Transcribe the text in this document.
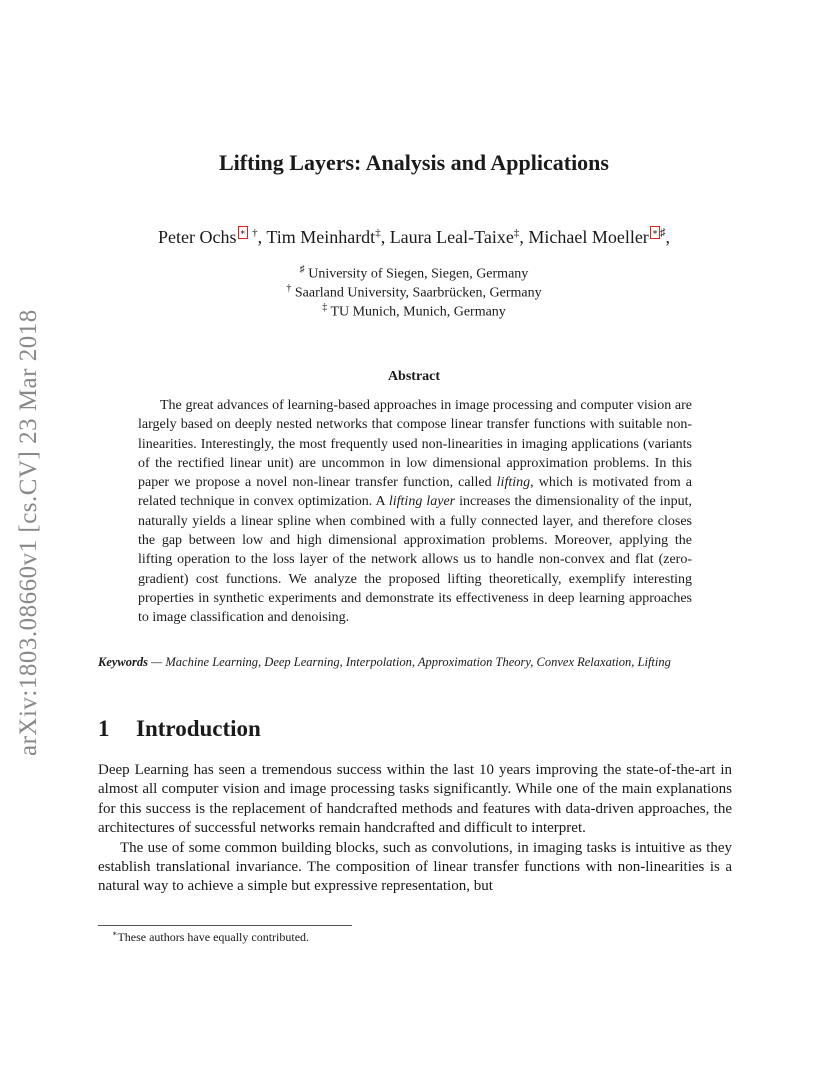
arXiv:1803.08660v1 [cs.CV] 23 Mar 2018
Lifting Layers: Analysis and Applications
Peter Ochs ∗ †, Tim Meinhardt‡, Laura Leal-Taixe‡, Michael Moeller ∗ ♯,
♯ University of Siegen, Siegen, Germany
† Saarland University, Saarbrücken, Germany
‡ TU Munich, Munich, Germany
Abstract
The great advances of learning-based approaches in image processing and computer vision are largely based on deeply nested networks that compose linear transfer functions with suitable non-linearities. Interestingly, the most frequently used non-linearities in imaging applications (variants of the rectified linear unit) are uncommon in low dimensional approximation problems. In this paper we propose a novel non-linear transfer function, called lifting, which is motivated from a related technique in convex optimization. A lifting layer increases the dimensionality of the input, naturally yields a linear spline when combined with a fully connected layer, and therefore closes the gap between low and high dimensional approximation problems. Moreover, applying the lifting operation to the loss layer of the network allows us to handle non-convex and flat (zero-gradient) cost functions. We analyze the proposed lifting theoretically, exemplify interesting properties in synthetic experiments and demonstrate its effectiveness in deep learning approaches to image classification and denoising.
Keywords — Machine Learning, Deep Learning, Interpolation, Approximation Theory, Convex Relaxation, Lifting
1 Introduction

Deep Learning has seen a tremendous success within the last 10 years improving the state-of-the-art in almost all computer vision and image processing tasks significantly. While one of the main explanations for this success is the replacement of handcrafted methods and features with data-driven approaches, the architectures of successful networks remain handcrafted and difficult to interpret.

The use of some common building blocks, such as convolutions, in imaging tasks is intuitive as they establish translational invariance. The composition of linear transfer functions with non-linearities is a natural way to achieve a simple but expressive representation, but

∗These authors have equally contributed.
